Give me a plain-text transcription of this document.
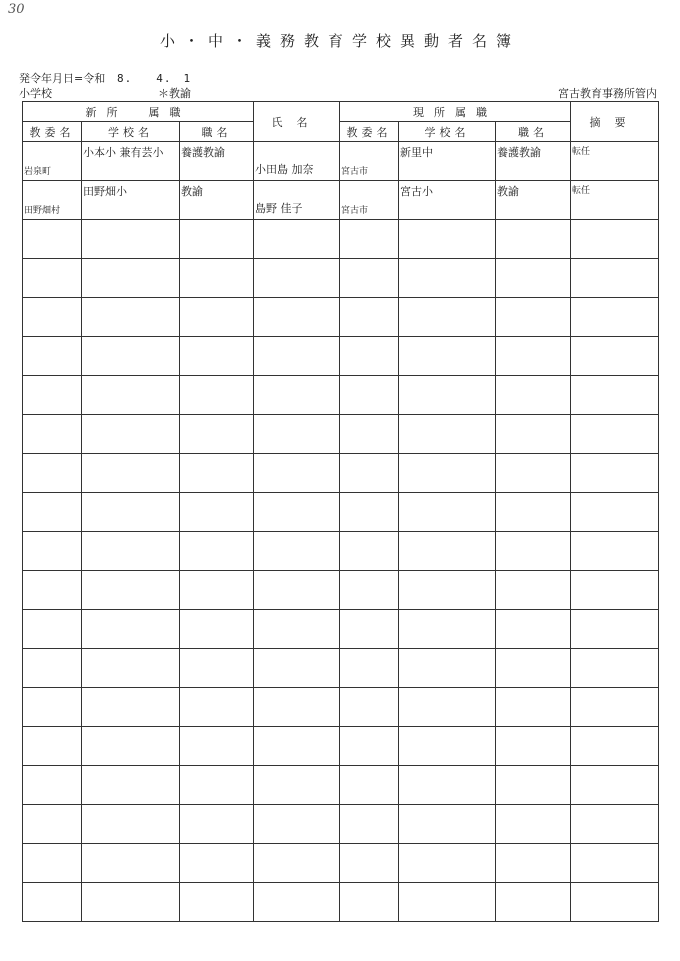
30
小・中・義務教育学校異動者名簿
発令年月日=令和 8.　　4.　1
小学校	＊教諭	宮古教育事務所管内
新所　属職			氏名	現所属職			摘要
教委名	学校名	職名		教委名	学校名	職名	

岩泉町	小本小 兼有芸小	養護教諭	小田島 加奈	宮古市	新里中	養護教諭	転任

田野畑村	田野畑小	教諭	島野 佳子	宮古市	宮古小	教諭	転任
